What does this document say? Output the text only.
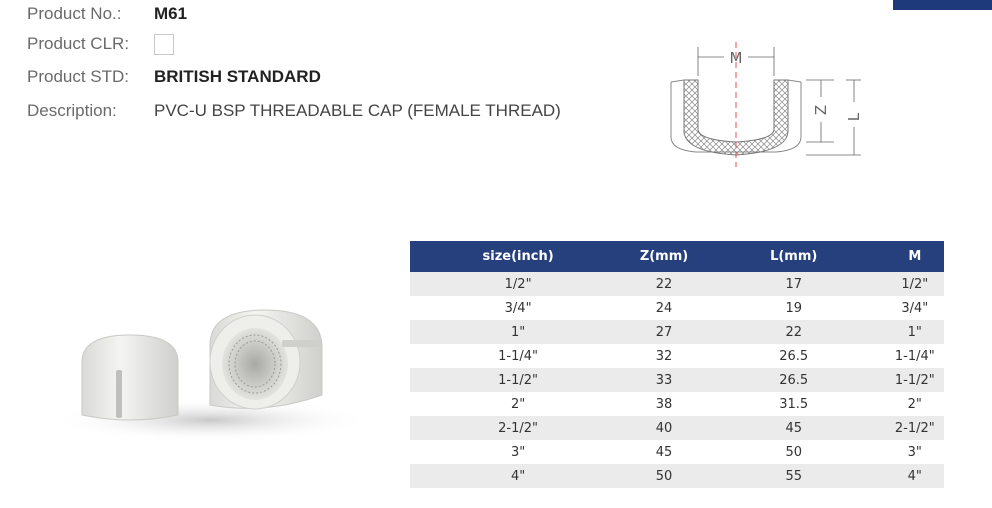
Product No.: M61
Product CLR:
Product STD: BRITISH STANDARD
Description: PVC-U BSP THREADABLE CAP (FEMALE THREAD)
M
Z
L
size(inch)	Z(mm)	L(mm)	M
1/2"	22	17	1/2"
3/4"	24	19	3/4"
1"	27	22	1"
1-1/4"	32	26.5	1-1/4"
1-1/2"	33	26.5	1-1/2"
2"	38	31.5	2"
2-1/2"	40	45	2-1/2"
3"	45	50	3"
4"	50	55	4"
